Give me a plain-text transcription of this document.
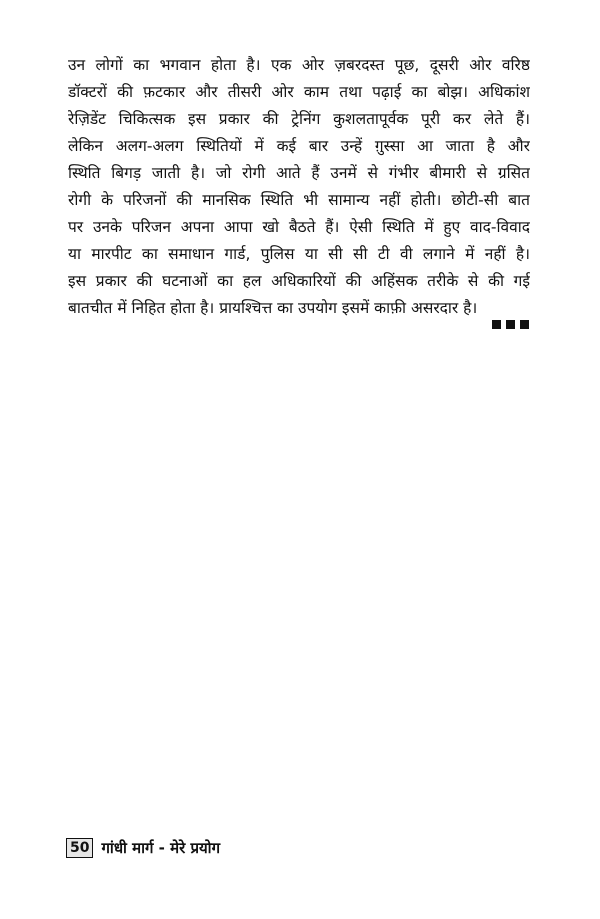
उन लोगों का भगवान होता है। एक ओर ज़बरदस्त पूछ, दूसरी ओर वरिष्ठ
डॉक्टरों की फ़टकार और तीसरी ओर काम तथा पढ़ाई का बोझ। अधिकांश
रेज़िडेंट चिकित्सक इस प्रकार की ट्रेनिंग कुशलतापूर्वक पूरी कर लेते हैं।
लेकिन अलग-अलग स्थितियों में कई बार उन्हें ग़ुस्सा आ जाता है और
स्थिति बिगड़ जाती है। जो रोगी आते हैं उनमें से गंभीर बीमारी से ग्रसित
रोगी के परिजनों की मानसिक स्थिति भी सामान्य नहीं होती। छोटी-सी बात
पर उनके परिजन अपना आपा खो बैठते हैं। ऐसी स्थिति में हुए वाद-विवाद
या मारपीट का समाधान गार्ड, पुलिस या सी सी टी वी लगाने में नहीं है।
इस प्रकार की घटनाओं का हल अधिकारियों की अहिंसक तरीके से की गई
बातचीत में निहित होता है। प्रायश्चित्त का उपयोग इसमें काफ़ी असरदार है।
50 गांधी मार्ग - मेरे प्रयोग
